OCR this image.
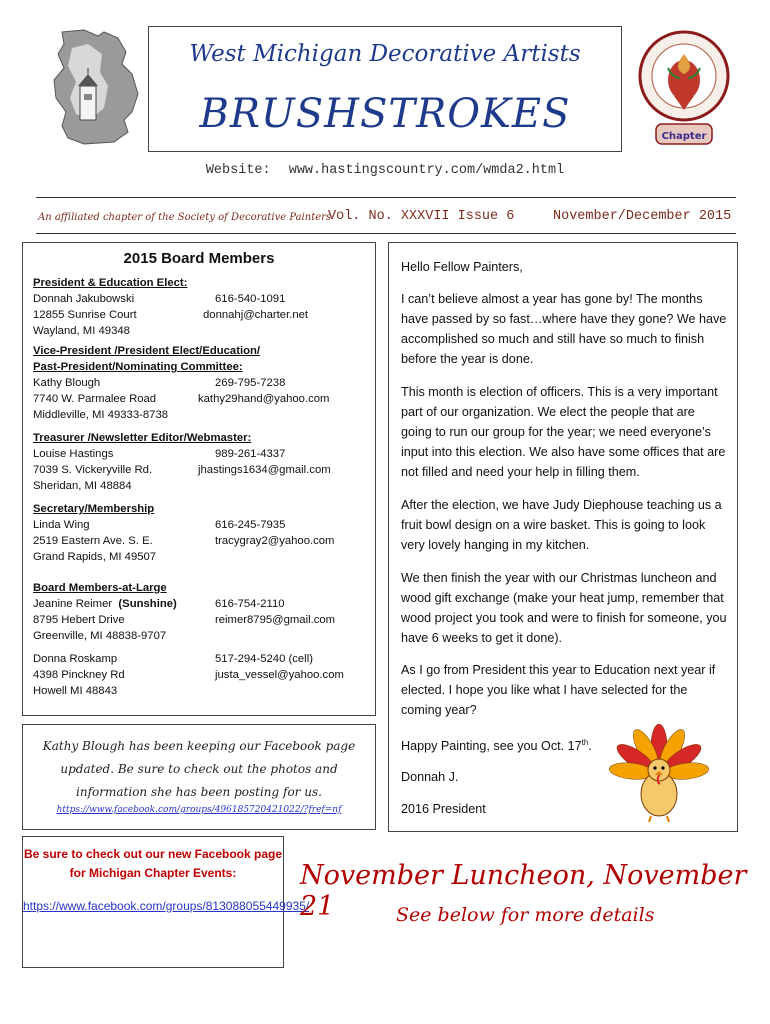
West Michigan Decorative Artists
BRUSHSTROKES	Chapter
Website: www.hastingscountry.com/wmda2.html
An affiliated chapter of the Society of Decorative Painters
Vol. No. XXXVII Issue 6	November/December 2015
2015 Board Members
President & Education Elect:
Donnah Jakubowski	616-540-1091
12855 Sunrise Court	donnahj@charter.net
Wayland, MI 49348
Vice-President /President Elect/Education/
Past-President/Nominating Committee:
Kathy Blough	269-795-7238
7740 W. Parmalee Road	kathy29hand@yahoo.com
Middleville, MI 49333-8738
Treasurer /Newsletter Editor/Webmaster:
Louise Hastings	989-261-4337
7039 S. Vickeryville Rd.	jhastings1634@gmail.com
Sheridan, MI 48884
Secretary/Membership
Linda Wing	616-245-7935
2519 Eastern Ave. S. E.	tracygray2@yahoo.com
Grand Rapids, MI 49507
Board Members-at-Large
Jeanine Reimer (Sunshine)	616-754-2110
8795 Hebert Drive	reimer8795@gmail.com
Greenville, MI 48838-9707
Donna Roskamp	517-294-5240 (cell)
4398 Pinckney Rd	justa_vessel@yahoo.com
Howell MI 48843
Kathy Blough has been keeping our Facebook page updated. Be sure to check out the photos and information she has been posting for us.
https://www.facebook.com/groups/496185720421022/?fref=nf
Be sure to check out our new Facebook page for Michigan Chapter Events:
https://www.facebook.com/groups/813088055449935/
Hello Fellow Painters,
I can’t believe almost a year has gone by! The months have passed by so fast…where have they gone? We have accomplished so much and still have so much to finish before the year is done.
This month is election of officers. This is a very important part of our organization. We elect the people that are going to run our group for the year; we need everyone’s input into this election. We also have some offices that are not filled and need your help in filling them.
After the election, we have Judy Diephouse teaching us a fruit bowl design on a wire basket. This is going to look very lovely hanging in my kitchen.
We then finish the year with our Christmas luncheon and wood gift exchange (make your heat jump, remember that wood project you took and were to finish for someone, you have 6 weeks to get it done).
As I go from President this year to Education next year if elected. I hope you like what I have selected for the coming year?
Happy Painting, see you Oct. 17th.
Donnah J.
2016 President
November Luncheon, November 21	See below for more details
